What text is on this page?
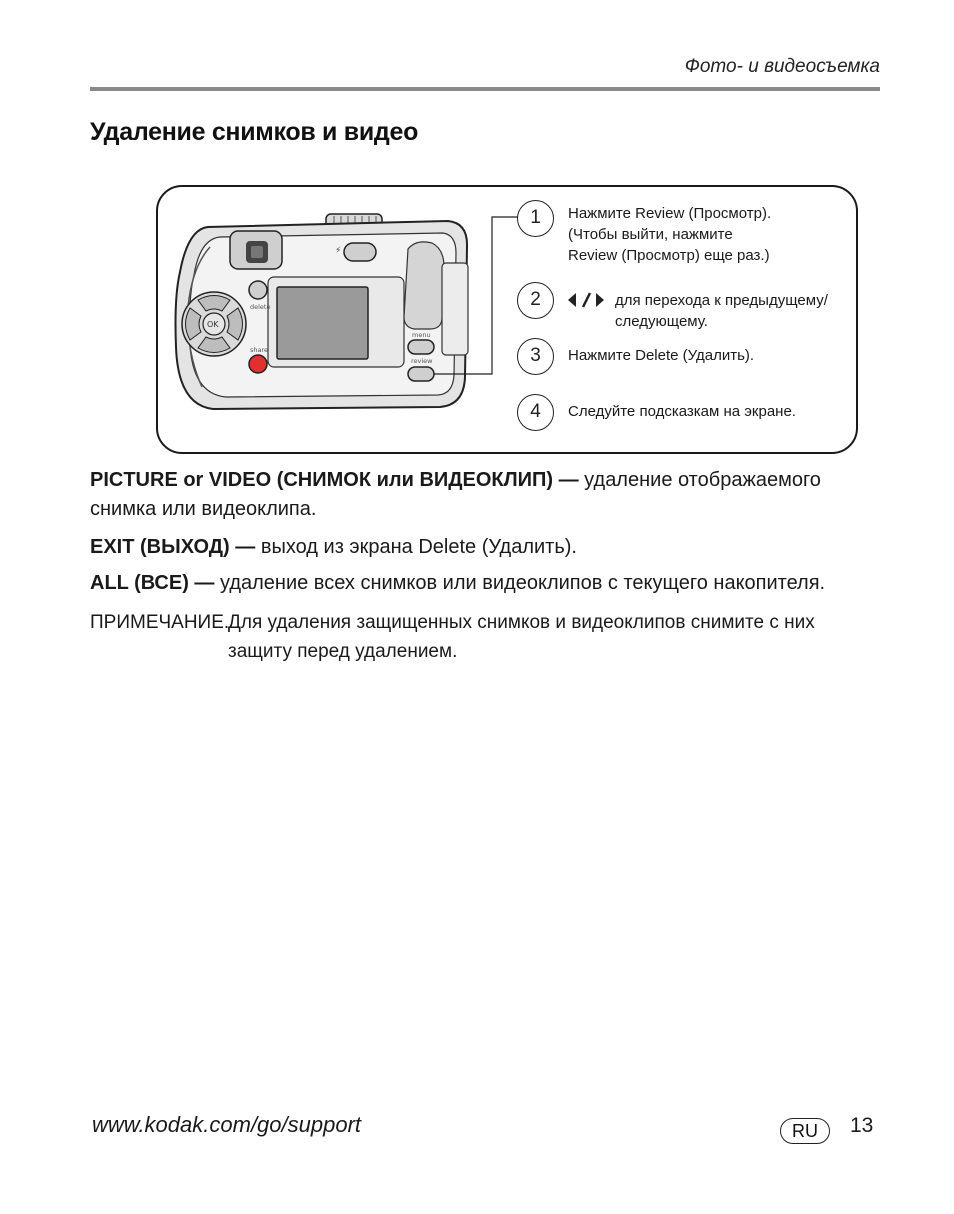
Фото- и видеосъемка
Удаление снимков и видео
⚡
delete
share
OK
menu
review
1	Нажмите Review (Просмотр).
(Чтобы выйти, нажмите
Review (Просмотр) еще раз.)
2	для перехода к предыдущему/
следующему.
3	Нажмите Delete (Удалить).
4	Следуйте подсказкам на экране.
PICTURE or VIDEO (СНИМОК или ВИДЕОКЛИП) — удаление отображаемого снимка или видеоклипа.
EXIT (ВЫХОД) — выход из экрана Delete (Удалить).
ALL (ВСЕ) — удаление всех снимков или видеоклипов с текущего накопителя.
ПРИМЕЧАНИЕ.
Для удаления защищенных снимков и видеоклипов снимите с них защиту перед удалением.
www.kodak.com/go/support	RU	13
